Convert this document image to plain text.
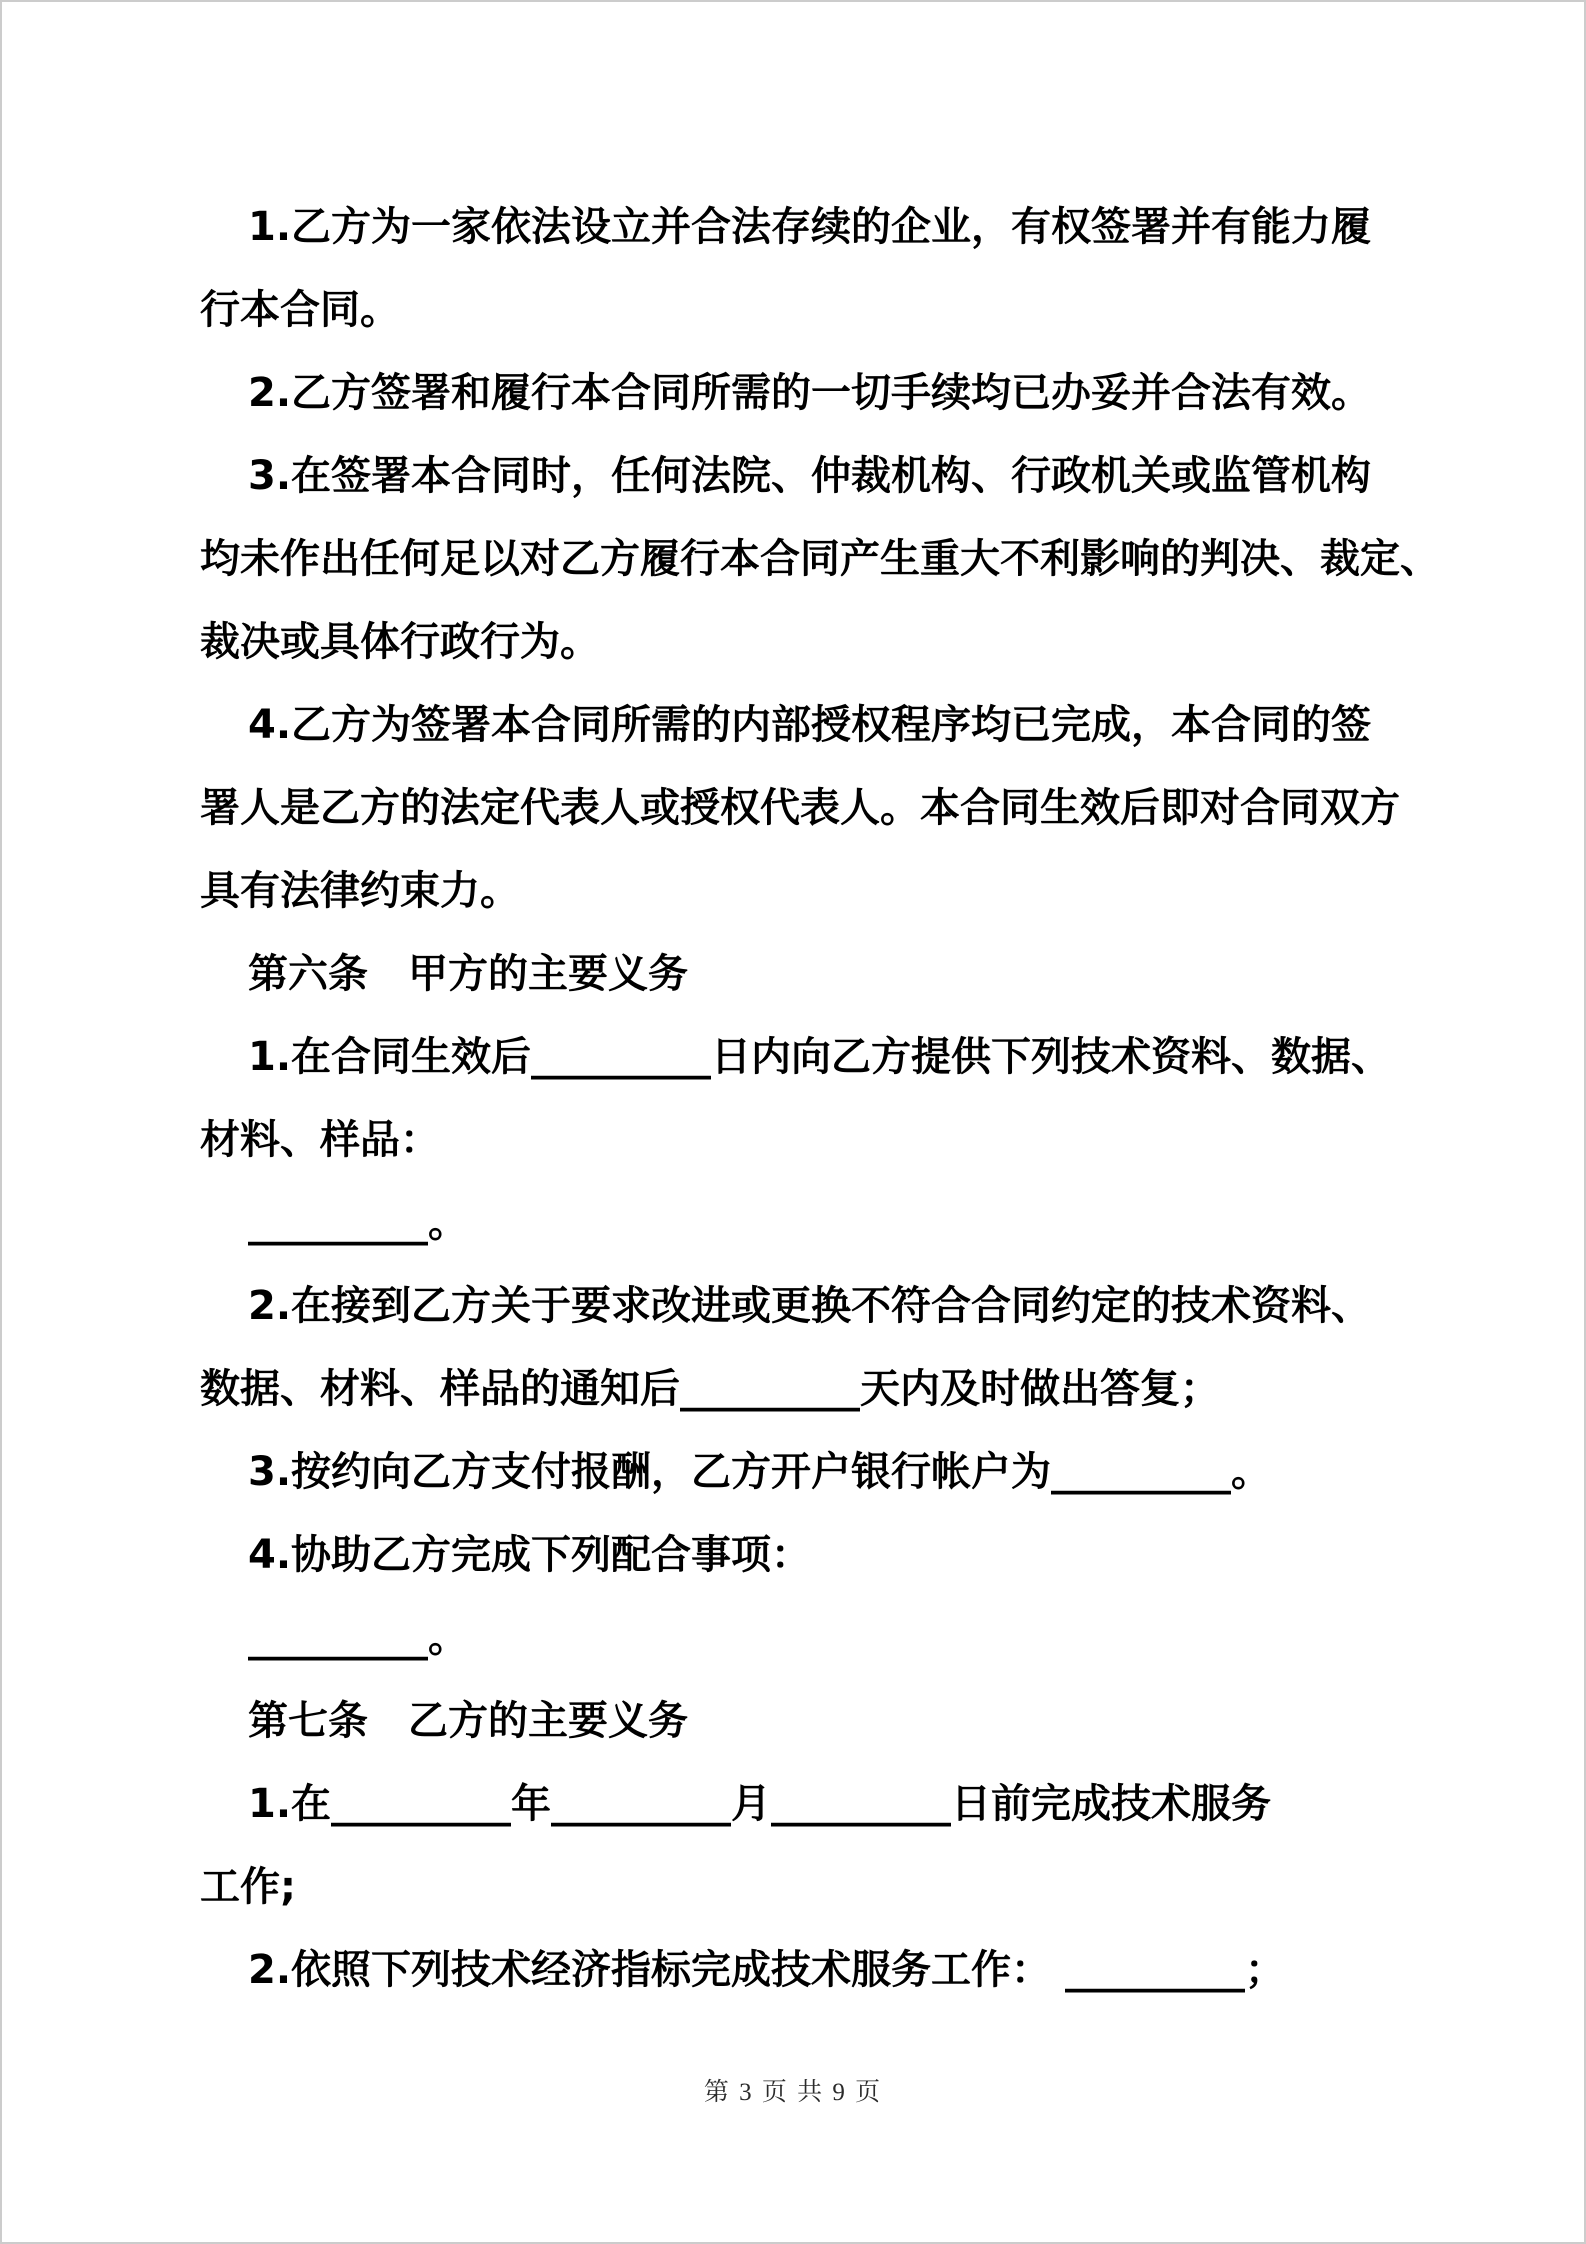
1.乙方为一家依法设立并合法存续的企业，有权签署并有能力履
行本合同。
2.乙方签署和履行本合同所需的一切手续均已办妥并合法有效。
3.在签署本合同时，任何法院、仲裁机构、行政机关或监管机构
均未作出任何足以对乙方履行本合同产生重大不利影响的判决、裁定、
裁决或具体行政行为。
4.乙方为签署本合同所需的内部授权程序均已完成，本合同的签
署人是乙方的法定代表人或授权代表人。本合同生效后即对合同双方
具有法律约束力。
第六条　甲方的主要义务
1.在合同生效后_________日内向乙方提供下列技术资料、数据、
材料、样品：
_________。
2.在接到乙方关于要求改进或更换不符合合同约定的技术资料、
数据、材料、样品的通知后_________天内及时做出答复；
3.按约向乙方支付报酬，乙方开户银行帐户为_________。
4.协助乙方完成下列配合事项：
_________。
第七条　乙方的主要义务
1.在_________年_________月_________日前完成技术服务
工作;
2.依照下列技术经济指标完成技术服务工作： _________；
第 3 页 共 9 页
